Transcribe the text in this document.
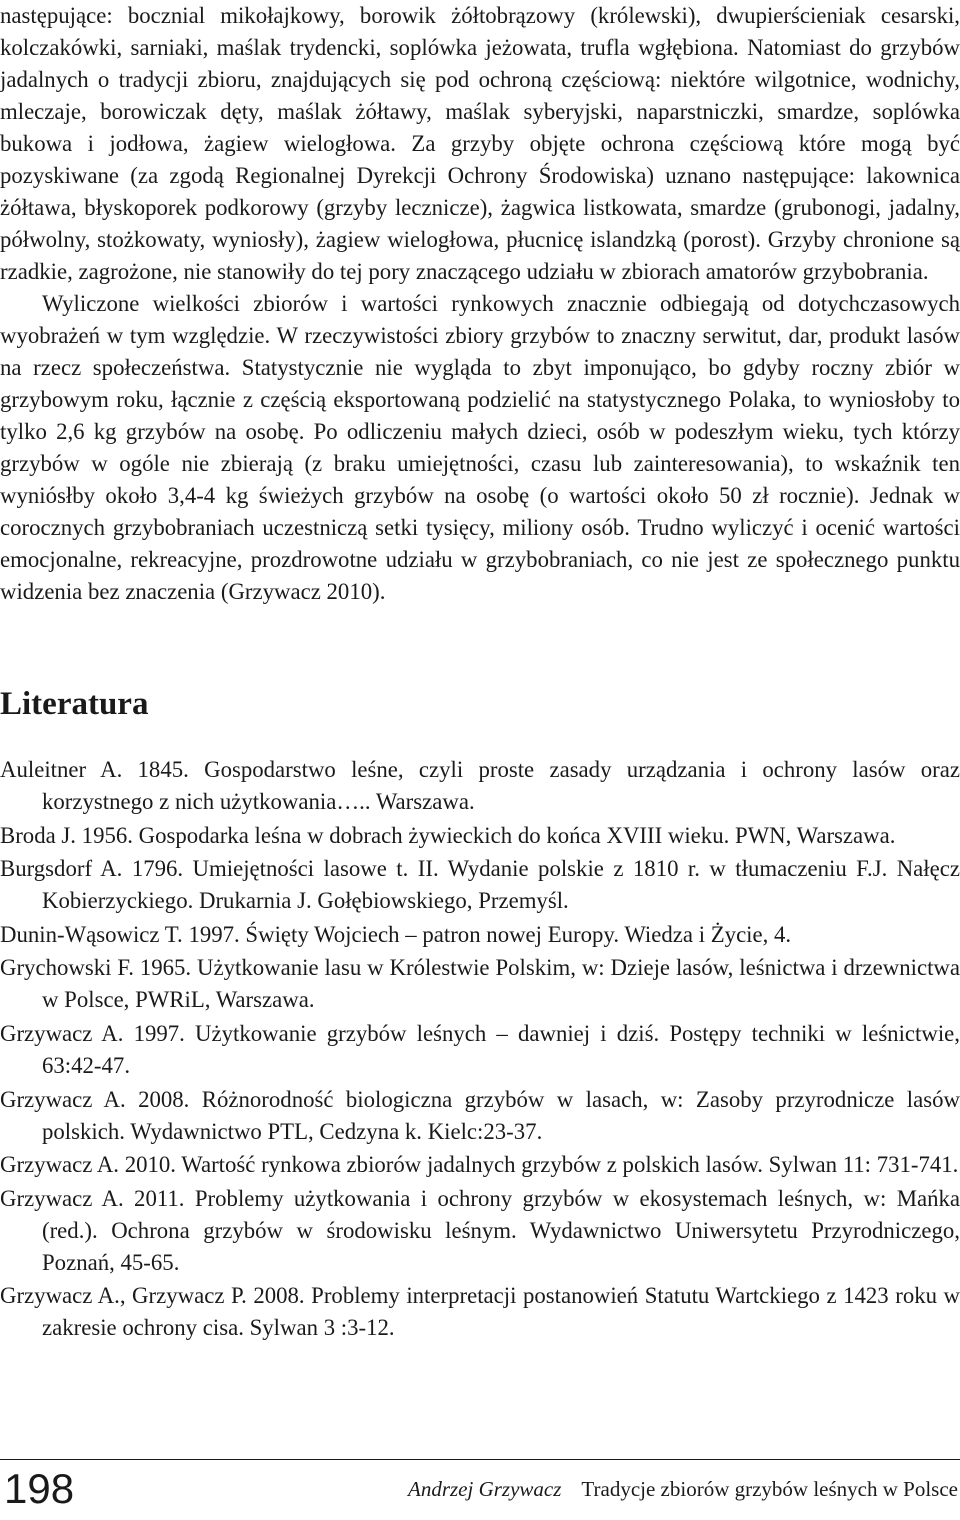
następujące: bocznial mikołajkowy, borowik żółtobrązowy (królewski), dwupierścieniak cesarski, kolczakówki, sarniaki, maślak trydencki, soplówka jeżowata, trufla wgłębiona. Natomiast do grzybów jadalnych o tradycji zbioru, znajdujących się pod ochroną częściową: niektóre wilgotnice, wodnichy, mleczaje, borowiczak dęty, maślak żółtawy, maślak syberyjski, naparstniczki, smardze, soplówka bukowa i jodłowa, żagiew wielogłowa. Za grzyby objęte ochrona częściową które mogą być pozyskiwane (za zgodą Regionalnej Dyrekcji Ochrony Środowiska) uznano następujące: lakownica żółtawa, błyskoporek podkorowy (grzyby lecznicze), żagwica listkowata, smardze (grubonogi, jadalny, półwolny, stożkowaty, wyniosły), żagiew wielogłowa, płucnicę islandzką (porost). Grzyby chronione są rzadkie, zagrożone, nie stanowiły do tej pory znaczącego udziału w zbiorach amatorów grzybobrania.

Wyliczone wielkości zbiorów i wartości rynkowych znacznie odbiegają od dotychczasowych wyobrażeń w tym względzie. W rzeczywistości zbiory grzybów to znaczny serwitut, dar, produkt lasów na rzecz społeczeństwa. Statystycznie nie wygląda to zbyt imponująco, bo gdyby roczny zbiór w grzybowym roku, łącznie z częścią eksportowaną podzielić na statystycznego Polaka, to wyniosłoby to tylko 2,6 kg grzybów na osobę. Po odliczeniu małych dzieci, osób w podeszłym wieku, tych którzy grzybów w ogóle nie zbierają (z braku umiejętności, czasu lub zainteresowania), to wskaźnik ten wyniósłby około 3,4-4 kg świeżych grzybów na osobę (o wartości około 50 zł rocznie). Jednak w corocznych grzybobraniach uczestniczą setki tysięcy, miliony osób. Trudno wyliczyć i ocenić wartości emocjonalne, rekreacyjne, prozdrowotne udziału w grzybobraniach, co nie jest ze społecznego punktu widzenia bez znaczenia (Grzywacz 2010).

Literatura
Auleitner A. 1845. Gospodarstwo leśne, czyli proste zasady urządzania i ochrony lasów oraz korzystnego z nich użytkowania….. Warszawa.
Broda J. 1956. Gospodarka leśna w dobrach żywieckich do końca XVIII wieku. PWN, Warszawa.
Burgsdorf A. 1796. Umiejętności lasowe t. II. Wydanie polskie z 1810 r. w tłumaczeniu F.J. Nałęcz Kobierzyckiego. Drukarnia J. Gołębiowskiego, Przemyśl.
Dunin-Wąsowicz T. 1997. Święty Wojciech – patron nowej Europy. Wiedza i Życie, 4.
Grychowski F. 1965. Użytkowanie lasu w Królestwie Polskim, w: Dzieje lasów, leśnictwa i drzewnictwa w Polsce, PWRiL, Warszawa.
Grzywacz A. 1997. Użytkowanie grzybów leśnych – dawniej i dziś. Postępy techniki w leśnictwie, 63:42-47.
Grzywacz A. 2008. Różnorodność biologiczna grzybów w lasach, w: Zasoby przyrodnicze lasów polskich. Wydawnictwo PTL, Cedzyna k. Kielc:23-37.
Grzywacz A. 2010. Wartość rynkowa zbiorów jadalnych grzybów z polskich lasów. Sylwan 11: 731-741.
Grzywacz A. 2011. Problemy użytkowania i ochrony grzybów w ekosystemach leśnych, w: Mańka (red.). Ochrona grzybów w środowisku leśnym. Wydawnictwo Uniwersytetu Przyrodniczego, Poznań, 45-65.
Grzywacz A., Grzywacz P. 2008. Problemy interpretacji postanowień Statutu Wartckiego z 1423 roku w zakresie ochrony cisa. Sylwan 3 :3-12.
198	Andrzej Grzywacz Tradycje zbiorów grzybów leśnych w Polsce
